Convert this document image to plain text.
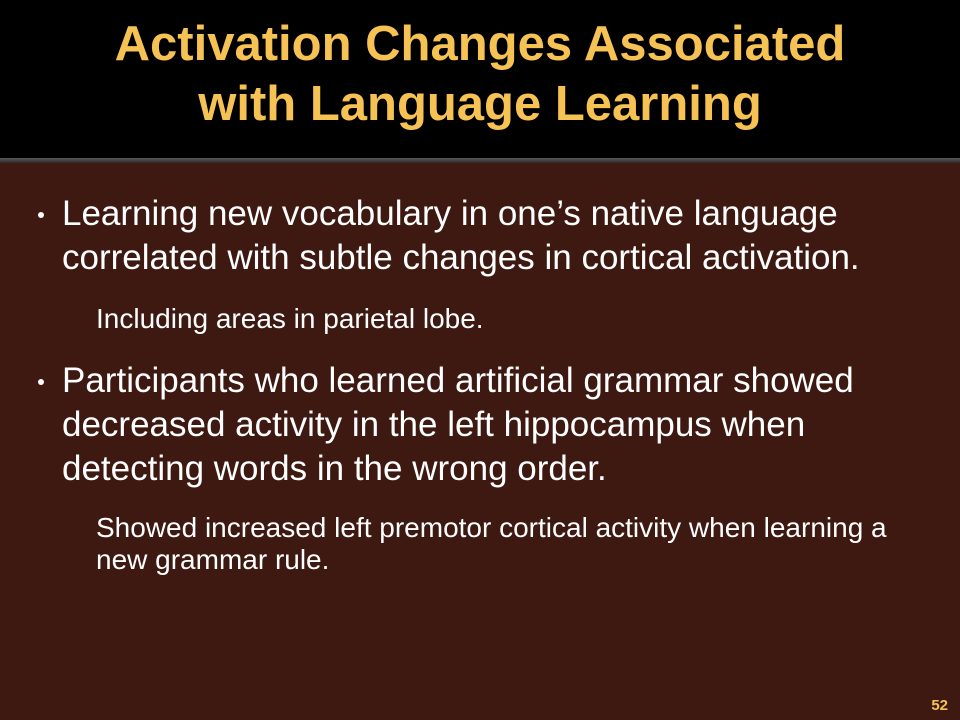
Activation Changes Associated
with Language Learning
Learning new vocabulary in one’s native language correlated with subtle changes in cortical activation.
Including areas in parietal lobe.
Participants who learned artificial grammar showed decreased activity in the left hippocampus when detecting words in the wrong order.
Showed increased left premotor cortical activity when learning a new grammar rule.
52
